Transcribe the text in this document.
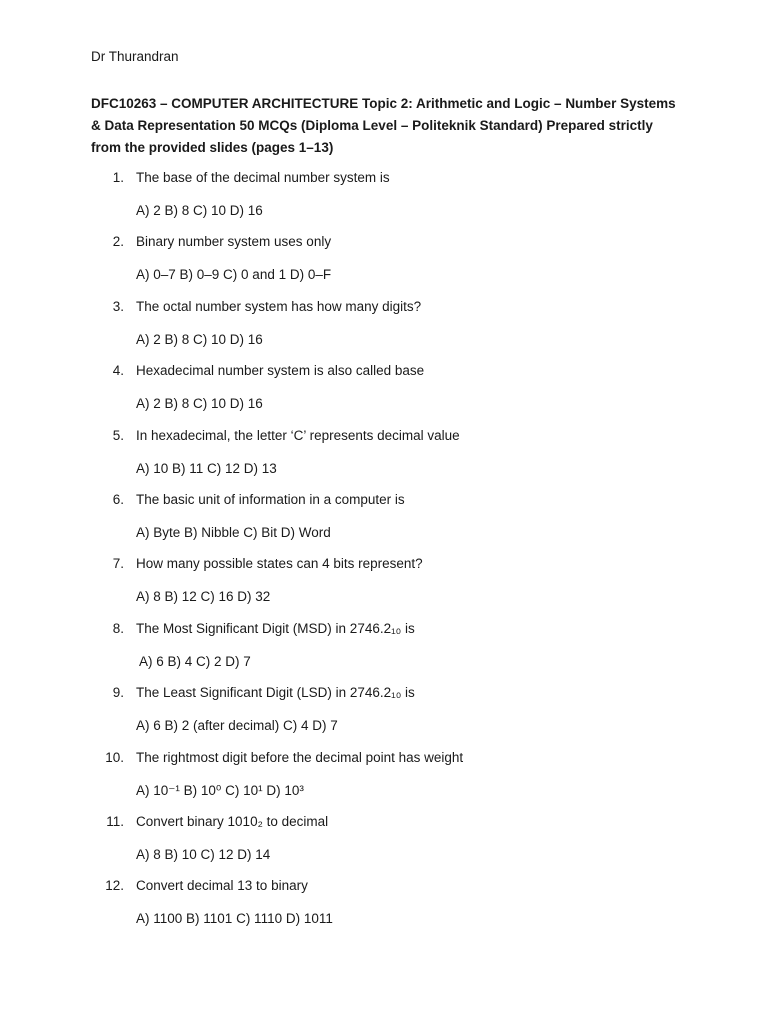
Dr Thurandran
DFC10263 – COMPUTER ARCHITECTURE Topic 2: Arithmetic and Logic – Number Systems & Data Representation 50 MCQs (Diploma Level – Politeknik Standard) Prepared strictly from the provided slides (pages 1–13)
1. The base of the decimal number system is
A) 2 B) 8 C) 10 D) 16
2. Binary number system uses only
A) 0–7 B) 0–9 C) 0 and 1 D) 0–F
3. The octal number system has how many digits?
A) 2 B) 8 C) 10 D) 16
4. Hexadecimal number system is also called base
A) 2 B) 8 C) 10 D) 16
5. In hexadecimal, the letter ‘C’ represents decimal value
A) 10 B) 11 C) 12 D) 13
6. The basic unit of information in a computer is
A) Byte B) Nibble C) Bit D) Word
7. How many possible states can 4 bits represent?
A) 8 B) 12 C) 16 D) 32
8. The Most Significant Digit (MSD) in 2746.2₁₀ is
A) 6 B) 4 C) 2 D) 7
9. The Least Significant Digit (LSD) in 2746.2₁₀ is
A) 6 B) 2 (after decimal) C) 4 D) 7
10. The rightmost digit before the decimal point has weight
A) 10⁻¹ B) 10⁰ C) 10¹ D) 10³
11. Convert binary 1010₂ to decimal
A) 8 B) 10 C) 12 D) 14
12. Convert decimal 13 to binary
A) 1100 B) 1101 C) 1110 D) 1011
